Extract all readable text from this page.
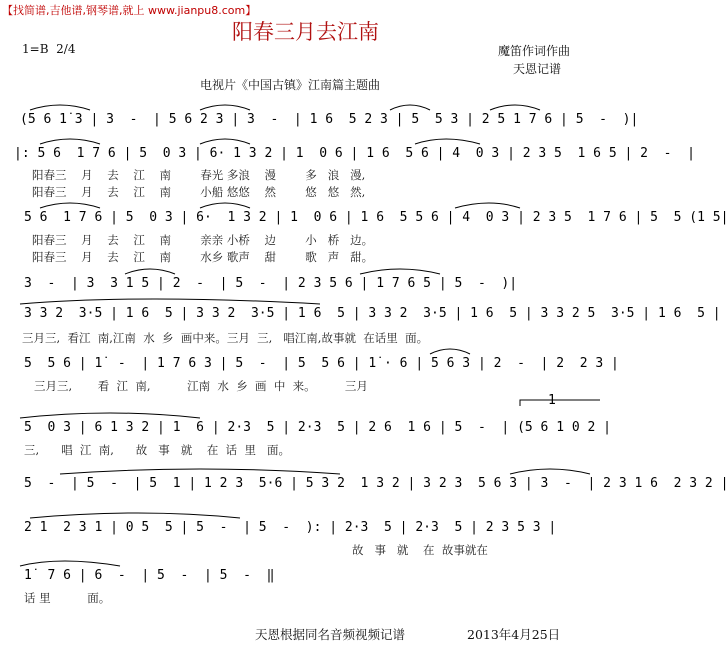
【找简谱,吉他谱,钢琴谱,就上 www.jianpu8.com】
阳春三月去江南
1=B  2/4	魔笛作词作曲
天恩记谱
电视片《中国古镇》江南篇主题曲
(5 6 1̇ 3 | 3  -  | 5 6 2 3 | 3  -  | 1 6  5 2 3 | 5  5 3 | 2 5 1 7 6 | 5  -  )|
|: 5 6  1 7 6 | 5  0 3 | 6· 1 3 2 | 1  0 6 | 1 6  5 6 | 4  0 3 | 2 3 5  1 6 5 | 2  -  |
阳春三    月    去    江    南        春光 多浪    漫        多   浪   漫,
阳春三    月    去    江    南        小船 悠悠    然        悠   悠   然,
5 6  1 7 6 | 5  0 3 | 6·  1 3 2 | 1  0 6 | 1 6  5 5 6 | 4  0 3 | 2 3 5  1 7 6 | 5  5 (1 5|
阳春三    月    去    江    南        亲亲 小桥    边        小   桥   边。
阳春三    月    去    江    南        水乡 歌声    甜        歌   声   甜。
3  -  | 3  3 1 5 | 2  -  | 5  -  | 2 3 5 6 | 1 7 6 5 | 5  -  )|
3 3 2  3·5 | 1 6  5 | 3 3 2  3·5 | 1 6  5 | 3 3 2  3·5 | 1 6  5 | 3 3 2 5  3·5 | 1 6  5 |
三月三,  看江  南,江南  水  乡  画中来。三月  三,   唱江南,故事就  在话里  面。
5  5 6 | 1̇  -  | 1 7 6 3 | 5  -  | 5  5 6 | 1̇ · 6 | 5 6 3 | 2  -  | 2  2 3 |
三月三,       看  江  南,          江南  水  乡  画  中  来。        三月
5  0 3 | 6 1 3 2 | 1  6 | 2·3  5 | 2·3  5 | 2 6  1 6 | 5  -  | (5 6 1 0 2 |
三,      唱  江  南,      故   事   就    在  话  里   面。
1
5  -  | 5  -  | 5  1 | 1 2 3  5·6 | 5 3 2  1 3 2 | 3 2 3  5 6 3 | 3  -  | 2 3 1 6  2 3 2 |
2 1  2 3 1 | 0 5  5 | 5  -  | 5  -  ): | 2·3  5 | 2·3  5 | 2 3 5 3 |
故   事   就    在  故事就在
1̇  7 6 | 6  -  | 5  -  | 5  -  ‖
话 里          面。
天恩根据同名音频视频记谱	2013年4月25日
